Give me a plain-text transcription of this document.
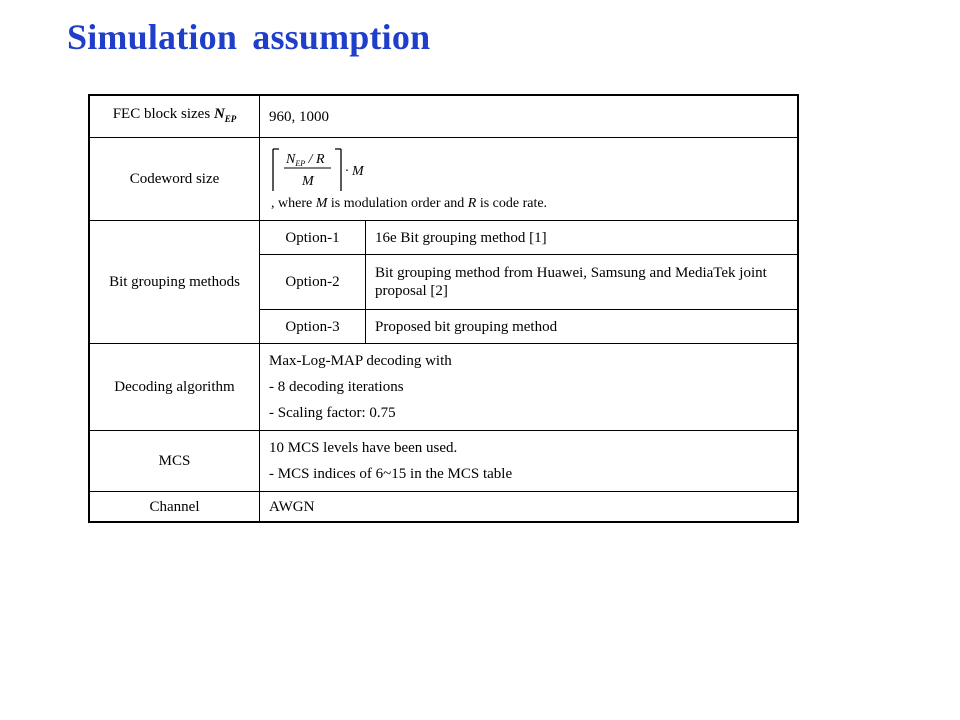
Simulation assumption
FEC block sizes $N_{EP}$	960, 1000	
Codeword size	$N_{EP}$ / R
M
· M
, where M is modulation order and R is code rate.	

Bit grouping methods	Option-1	16e Bit grouping method [1]
	Option-2	Bit grouping method from Huawei, Samsung and MediaTek joint proposal [2]
	Option-3	Proposed bit grouping method
Decoding algorithm	Max-Log-MAP decoding with
- 8 decoding iterations
- Scaling factor: 0.75	

MCS	10 MCS levels have been used.
- MCS indices of 6~15 in the MCS table	

Channel	AWGN	
